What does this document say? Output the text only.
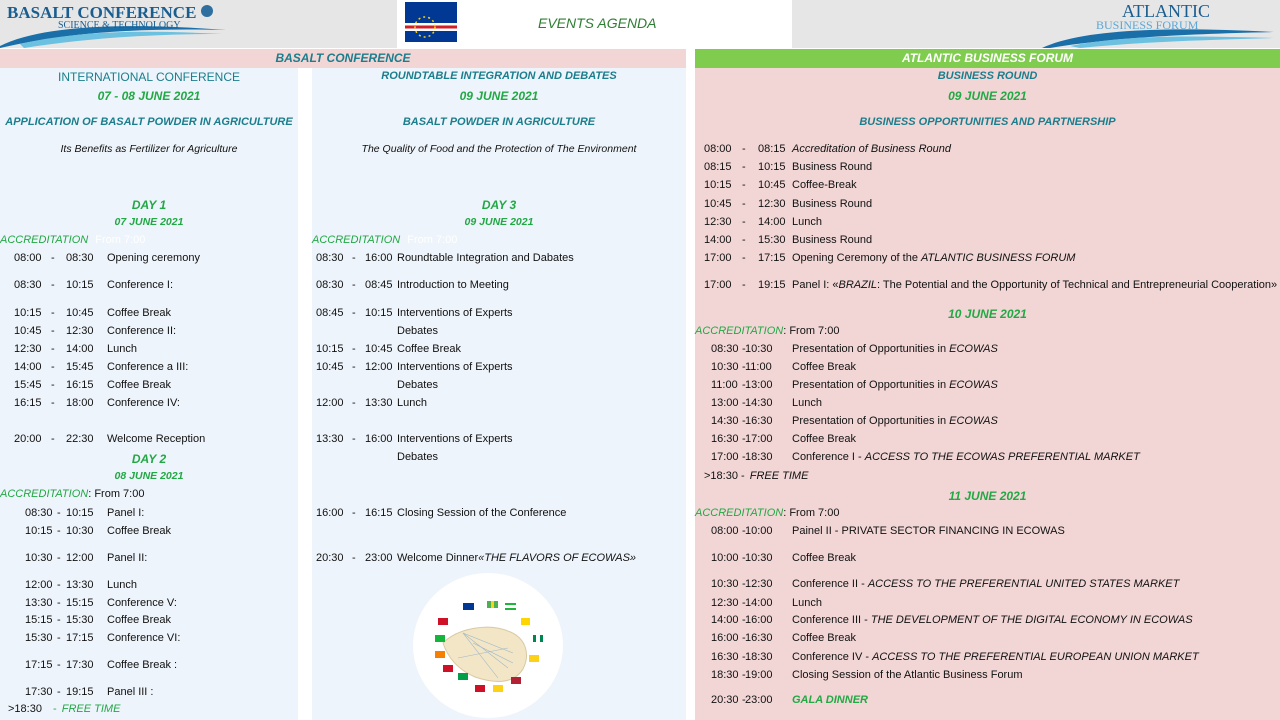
BASALT CONFERENCE
SCIENCE & TECHNOLOGY	EVENTS AGENDA
ATLANTIC
BUSINESS FORUM
BASALT CONFERENCE	ATLANTIC BUSINESS FORUM
INTERNATIONAL CONFERENCE
07 - 08 JUNE 2021
APPLICATION OF BASALT POWDER IN AGRICULTURE
Its Benefits as Fertilizer for Agriculture
DAY 1
07 JUNE 2021
ACCREDITATION From 7:00
08:00 - 08:30 Opening ceremony
08:30 - 10:15 Conference I:
10:15 - 10:45 Coffee Break
10:45 - 12:30 Conference II:
12:30 - 14:00 Lunch
14:00 - 15:45 Conference a III:
15:45 - 16:15 Coffee Break
16:15 - 18:00 Conference IV:
20:00 - 22:30 Welcome Reception
DAY 2
08 JUNE 2021
ACCREDITATION: From 7:00
08:30 - 10:15 Panel I:
10:15 - 10:30 Coffee Break
10:30 - 12:00 Panel II:
12:00 - 13:30 Lunch
13:30 - 15:15 Conference V:
15:15 - 15:30 Coffee Break
15:30 - 17:15 Conference VI:
17:15 - 17:30 Coffee Break :
17:30 - 19:15 Panel III :
>18:30 - FREE TIME
ROUNDTABLE INTEGRATION AND DEBATES
09 JUNE 2021
BASALT POWDER IN AGRICULTURE
The Quality of Food and the Protection of The Environment
DAY 3
09 JUNE 2021
ACCREDITATION From 7:00
08:30 - 16:00 Roundtable Integration and Dabates
08:30 - 08:45 Introduction to Meeting
08:45 - 10:15 Interventions of Experts
Debates
10:15 - 10:45 Coffee Break
10:45 - 12:00 Interventions of Experts
Debates
12:00 - 13:30 Lunch
13:30 - 16:00 Interventions of Experts
Debates
16:00 - 16:15 Closing Session of the Conference
20:30 - 23:00 Welcome Dinner«THE FLAVORS OF ECOWAS»
BUSINESS ROUND
09 JUNE 2021
BUSINESS OPPORTUNITIES AND PARTNERSHIP
08:00 - 08:15 Accreditation of Business Round
08:15 - 10:15 Business Round
10:15 - 10:45 Coffee-Break
10:45 - 12:30 Business Round
12:30 - 14:00 Lunch
14:00 - 15:30 Business Round
17:00 - 17:15 Opening Ceremony of the ATLANTIC BUSINESS FORUM
17:00 - 19:15 Panel I: «BRAZIL: The Potential and the Opportunity of Technical and Entrepreneurial Cooperation»
10 JUNE 2021
ACCREDITATION: From 7:00
08:30 - 10:30 Presentation of Opportunities in ECOWAS
10:30 - 11:00 Coffee Break
11:00 - 13:00 Presentation of Opportunities in ECOWAS
13:00 - 14:30 Lunch
14:30 - 16:30 Presentation of Opportunities in ECOWAS
16:30 - 17:00 Coffee Break
17:00 - 18:30 Conference I - ACCESS TO THE ECOWAS PREFERENTIAL MARKET
>18:30 - FREE TIME
11 JUNE 2021
ACCREDITATION: From 7:00
08:00 - 10:00 Painel II - PRIVATE SECTOR FINANCING IN ECOWAS
10:00 - 10:30 Coffee Break
10:30 - 12:30 Conference II - ACCESS TO THE PREFERENTIAL UNITED STATES MARKET
12:30 - 14:00 Lunch
14:00 - 16:00 Conference III - THE DEVELOPMENT OF THE DIGITAL ECONOMY IN ECOWAS
16:00 - 16:30 Coffee Break
16:30 - 18:30 Conference IV - ACCESS TO THE PREFERENTIAL EUROPEAN UNION MARKET
18:30 - 19:00 Closing Session of the Atlantic Business Forum
20:30 - 23:00 GALA DINNER
